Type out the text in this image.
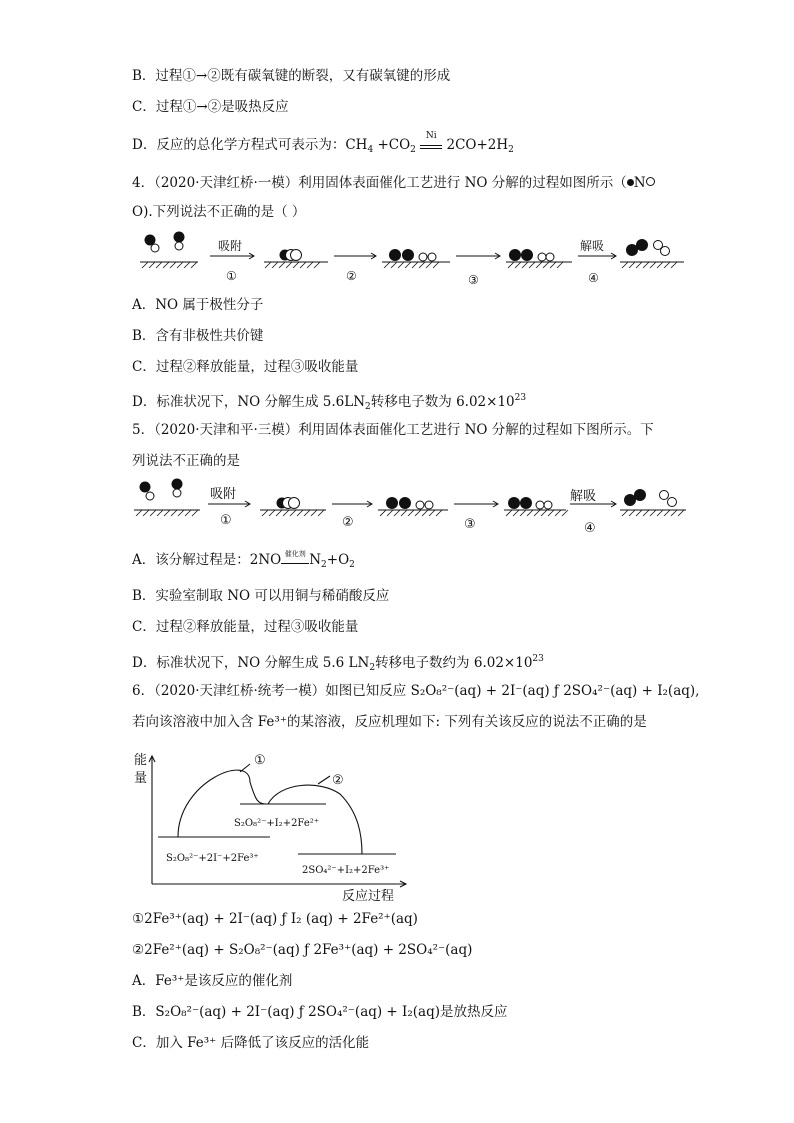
B．过程①→②既有碳氧键的断裂，又有碳氧键的形成
C．过程①→②是吸热反应
D．反应的总化学方程式可表示为：$CH_4 +CO_2$
Ni
$2CO+2H_2$
4．（2020·天津红桥·一模）利用固体表面催化工艺进行 NO 分解的过程如图所示（ N
O).下列说法不正确的是（ ）
吸附
①	②	③
解吸
④
A．NO 属于极性分子
B．含有非极性共价键
C．过程②释放能量，过程③吸收能量
D．标准状况下，NO 分解生成 $5.6LN_2$转移电子数为 $6.02\times 10^{23}$
5．（2020·天津和平·三模）利用固体表面催化工艺进行 NO 分解的过程如下图所示。下
列说法不正确的是
吸附
①	②	③
解吸
④
A．该分解过程是：2NO 催化剂 $N_2+O_2$
B．实验室制取 NO 可以用铜与稀硝酸反应
C．过程②释放能量，过程③吸收能量
D．标准状况下，NO 分解生成 5.6 $LN_2$转移电子数约为 $6.02\times 10^{23}$
6．（2020·天津红桥·统考一模）如图已知反应 S₂O₈²⁻(aq) + 2I⁻(aq) ƒ 2SO₄²⁻(aq) + I₂(aq),
若向该溶液中加入含 Fe³⁺的某溶液，反应机理如下: 下列有关该反应的说法不正确的是
能
量
反应过程
①
②
S₂O₈²⁻+I₂+2Fe²⁺
S₂O₈²⁻+2I⁻+2Fe³⁺
2SO₄²⁻+I₂+2Fe³⁺
①2Fe³⁺(aq) + 2I⁻(aq) ƒ I₂ (aq) + 2Fe²⁺(aq)
②2Fe²⁺(aq) + S₂O₈²⁻(aq) ƒ 2Fe³⁺(aq) + 2SO₄²⁻(aq)
A．Fe³⁺是该反应的催化剂
B．S₂O₈²⁻(aq) + 2I⁻(aq) ƒ 2SO₄²⁻(aq) + I₂(aq)是放热反应
C．加入 Fe³⁺ 后降低了该反应的活化能
